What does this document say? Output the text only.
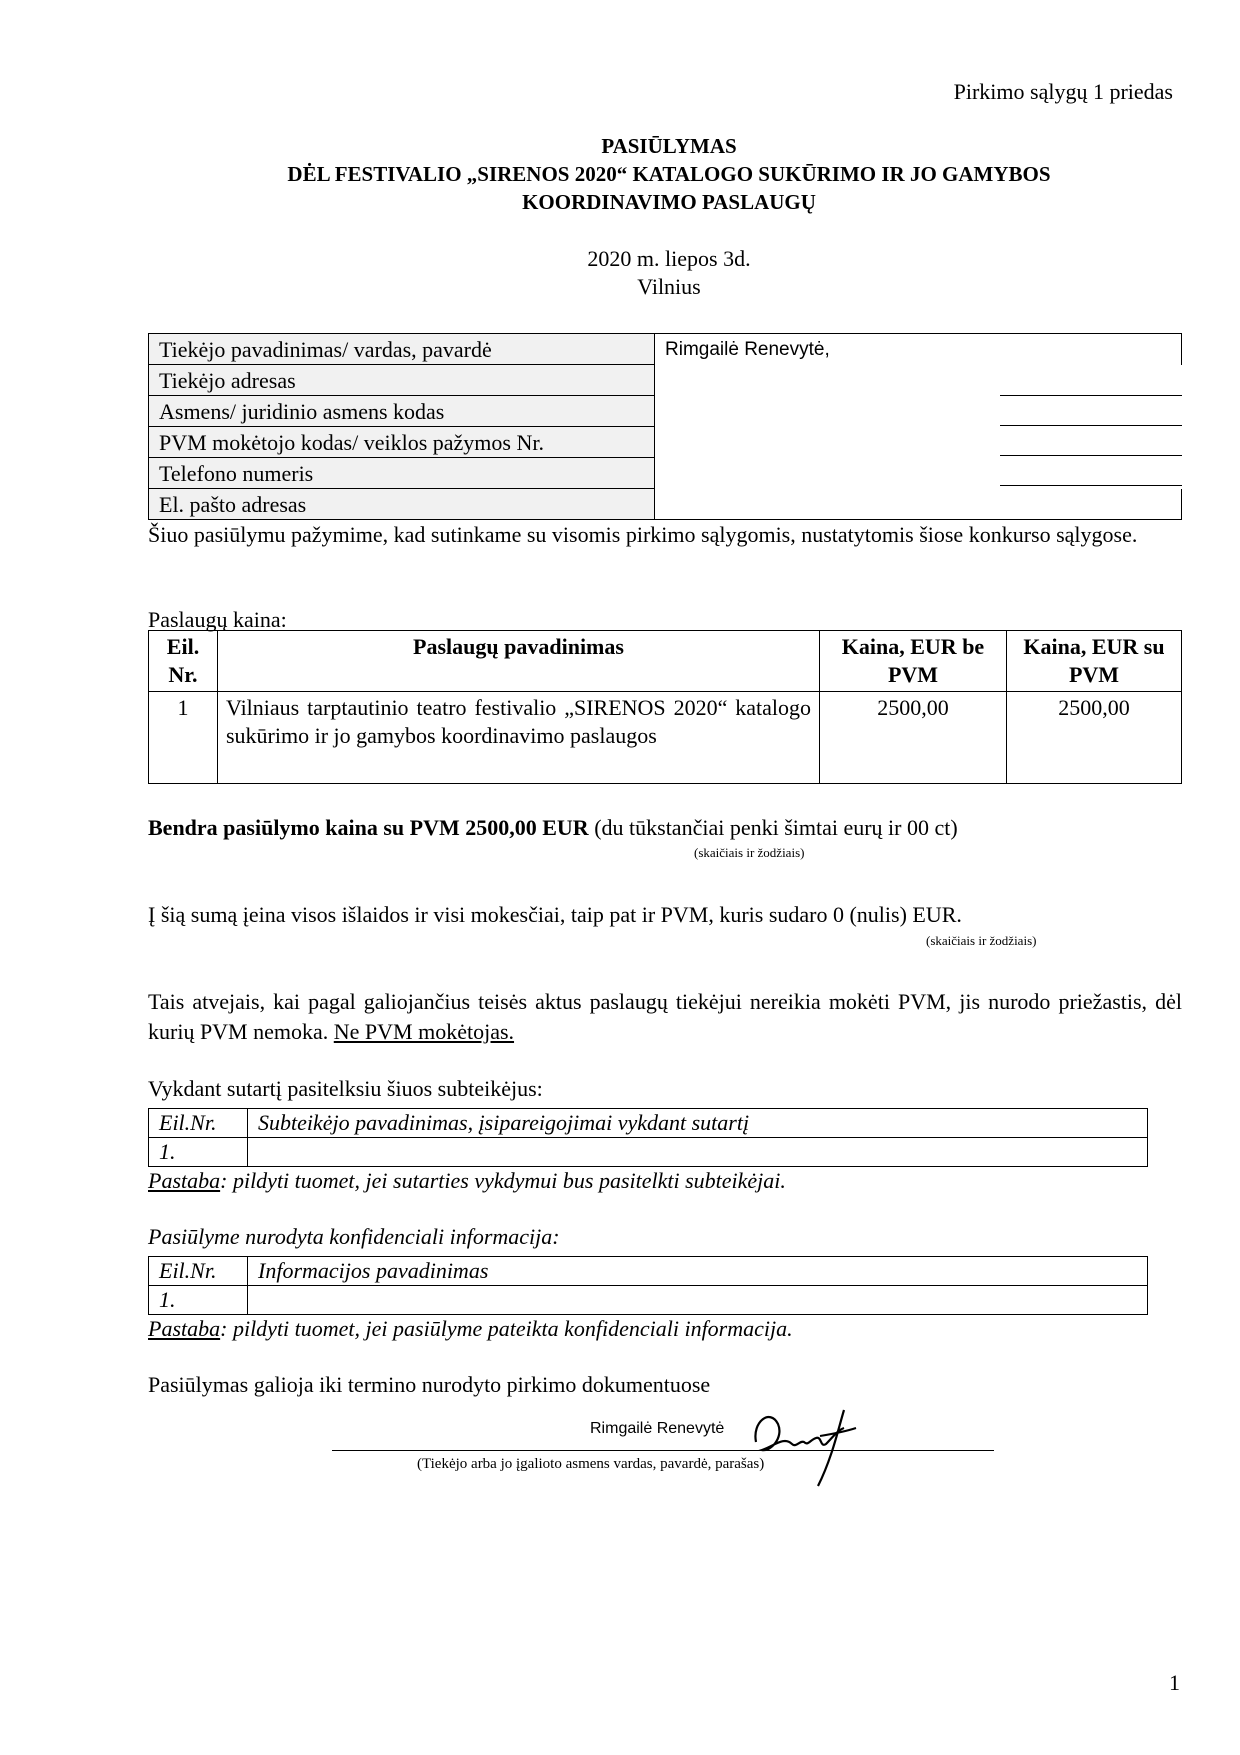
Pirkimo sąlygų 1 priedas
PASIŪLYMAS
DĖL FESTIVALIO „SIRENOS 2020“ KATALOGO SUKŪRIMO IR JO GAMYBOS
KOORDINAVIMO PASLAUGŲ
2020 m. liepos 3d.
Vilnius
Tiekėjo pavadinimas/ vardas, pavardė	Rimgailė Renevytė,
Tiekėjo adresas	
Asmens/ juridinio asmens kodas	
PVM mokėtojo kodas/ veiklos pažymos Nr.	
Telefono numeris	
El. pašto adresas	
Šiuo pasiūlymu pažymime, kad sutinkame su visomis pirkimo sąlygomis, nustatytomis šiose konkurso sąlygose.
Paslaugų kaina:
Eil. Nr.	Paslaugų pavadinimas	Kaina, EUR be PVM	Kaina, EUR su PVM
1	Vilniaus tarptautinio teatro festivalio „SIRENOS 2020“ katalogo sukūrimo ir jo gamybos koordinavimo paslaugos	2500,00	2500,00
Bendra pasiūlymo kaina su PVM 2500,00 EUR (du tūkstančiai penki šimtai eurų ir 00 ct)
(skaičiais ir žodžiais)
Į šią sumą įeina visos išlaidos ir visi mokesčiai, taip pat ir PVM, kuris sudaro 0 (nulis) EUR.
(skaičiais ir žodžiais)
Tais atvejais, kai pagal galiojančius teisės aktus paslaugų tiekėjui nereikia mokėti PVM, jis nurodo priežastis, dėl kurių PVM nemoka. Ne PVM mokėtojas.
Vykdant sutartį pasitelksiu šiuos subteikėjus:
Eil.Nr.	Subteikėjo pavadinimas, įsipareigojimai vykdant sutartį
1.	
Pastaba: pildyti tuomet, jei sutarties vykdymui bus pasitelkti subteikėjai.
Pasiūlyme nurodyta konfidenciali informacija:
Eil.Nr.	Informacijos pavadinimas
1.	
Pastaba: pildyti tuomet, jei pasiūlyme pateikta konfidenciali informacija.
Pasiūlymas galioja iki termino nurodyto pirkimo dokumentuose
Rimgailė Renevytė
(Tiekėjo arba jo įgalioto asmens vardas, pavardė, parašas)
1
